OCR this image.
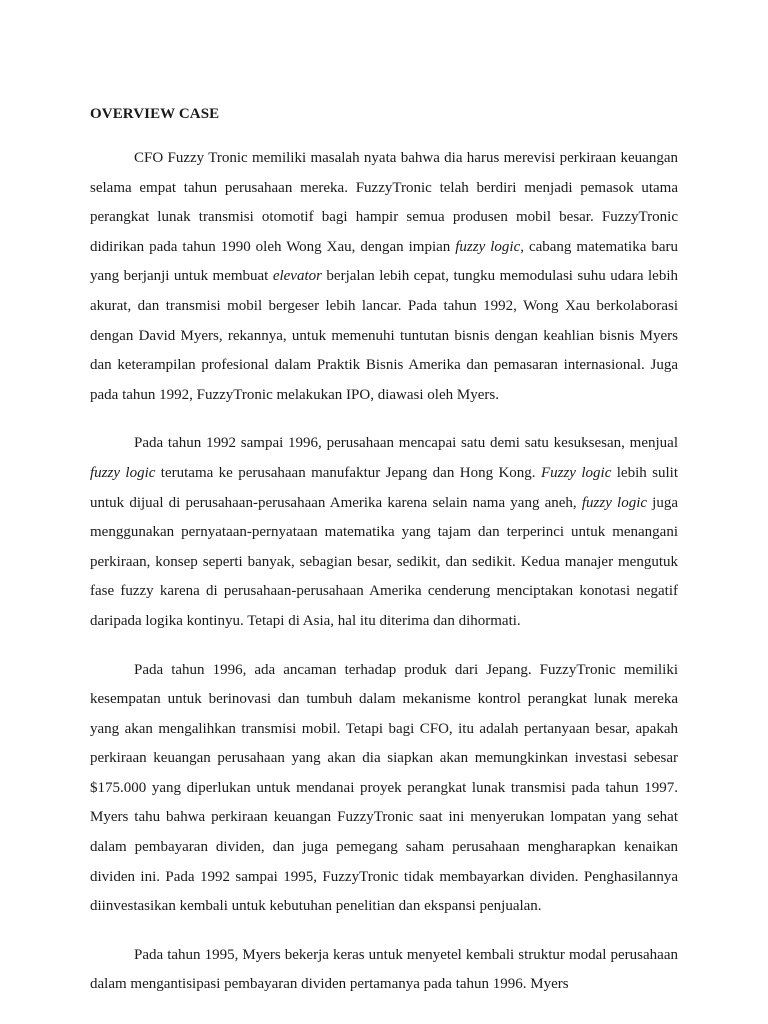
OVERVIEW CASE

CFO Fuzzy Tronic memiliki masalah nyata bahwa dia harus merevisi perkiraan keuangan selama empat tahun perusahaan mereka. FuzzyTronic telah berdiri menjadi pemasok utama perangkat lunak transmisi otomotif bagi hampir semua produsen mobil besar. FuzzyTronic didirikan pada tahun 1990 oleh Wong Xau, dengan impian fuzzy logic, cabang matematika baru yang berjanji untuk membuat elevator berjalan lebih cepat, tungku memodulasi suhu udara lebih akurat, dan transmisi mobil bergeser lebih lancar. Pada tahun 1992, Wong Xau berkolaborasi dengan David Myers, rekannya, untuk memenuhi tuntutan bisnis dengan keahlian bisnis Myers dan keterampilan profesional dalam Praktik Bisnis Amerika dan pemasaran internasional. Juga pada tahun 1992, FuzzyTronic melakukan IPO, diawasi oleh Myers.

Pada tahun 1992 sampai 1996, perusahaan mencapai satu demi satu kesuksesan, menjual fuzzy logic terutama ke perusahaan manufaktur Jepang dan Hong Kong. Fuzzy logic lebih sulit untuk dijual di perusahaan-perusahaan Amerika karena selain nama yang aneh, fuzzy logic juga menggunakan pernyataan-pernyataan matematika yang tajam dan terperinci untuk menangani perkiraan, konsep seperti banyak, sebagian besar, sedikit, dan sedikit. Kedua manajer mengutuk fase fuzzy karena di perusahaan-perusahaan Amerika cenderung menciptakan konotasi negatif daripada logika kontinyu. Tetapi di Asia, hal itu diterima dan dihormati.

Pada tahun 1996, ada ancaman terhadap produk dari Jepang. FuzzyTronic memiliki kesempatan untuk berinovasi dan tumbuh dalam mekanisme kontrol perangkat lunak mereka yang akan mengalihkan transmisi mobil. Tetapi bagi CFO, itu adalah pertanyaan besar, apakah perkiraan keuangan perusahaan yang akan dia siapkan akan memungkinkan investasi sebesar $175.000 yang diperlukan untuk mendanai proyek perangkat lunak transmisi pada tahun 1997. Myers tahu bahwa perkiraan keuangan FuzzyTronic saat ini menyerukan lompatan yang sehat dalam pembayaran dividen, dan juga pemegang saham perusahaan mengharapkan kenaikan dividen ini. Pada 1992 sampai 1995, FuzzyTronic tidak membayarkan dividen. Penghasilannya diinvestasikan kembali untuk kebutuhan penelitian dan ekspansi penjualan.

Pada tahun 1995, Myers bekerja keras untuk menyetel kembali struktur modal perusahaan dalam mengantisipasi pembayaran dividen pertamanya pada tahun 1996. Myers
